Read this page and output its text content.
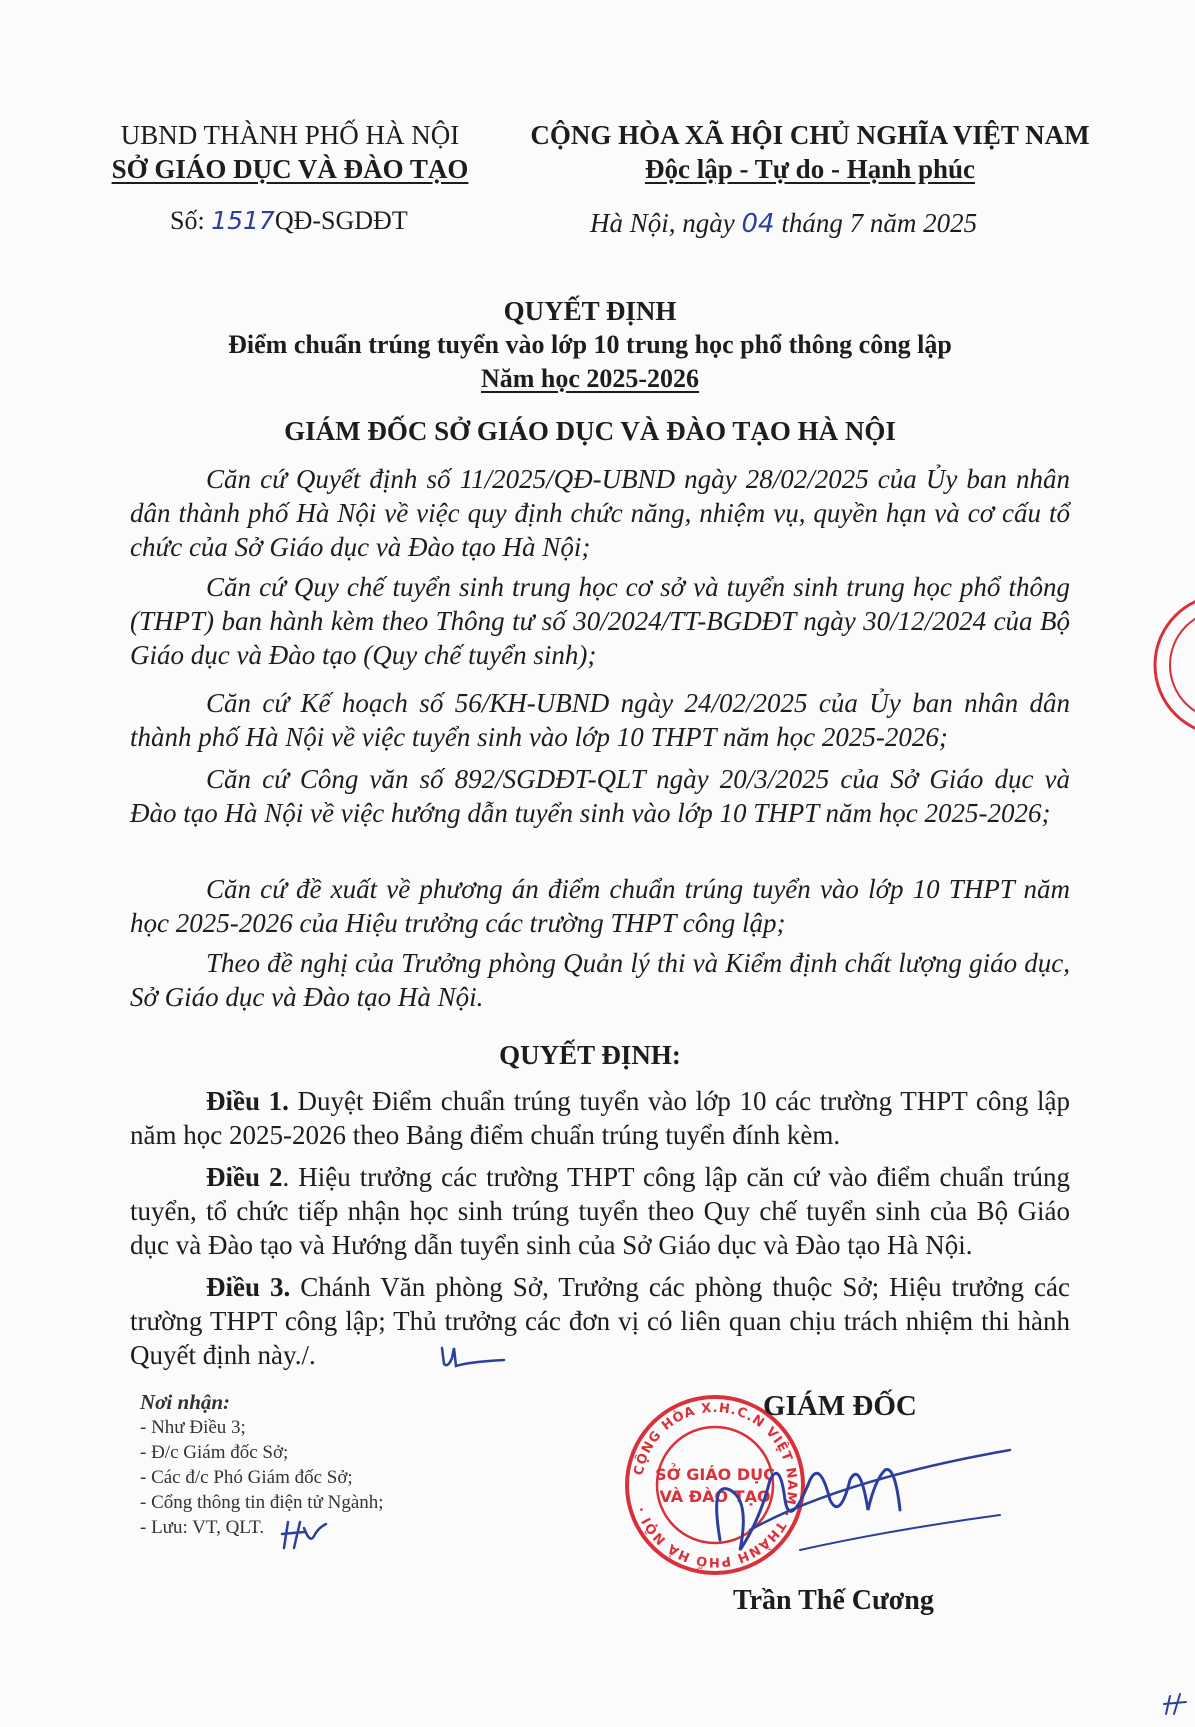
UBND THÀNH PHỐ HÀ NỘI
SỞ GIÁO DỤC VÀ ĐÀO TẠO
CỘNG HÒA XÃ HỘI CHỦ NGHĨA VIỆT NAM
Độc lập - Tự do - Hạnh phúc
Số: 1517QĐ-SGDĐT	Hà Nội, ngày 04 tháng 7 năm 2025
QUYẾT ĐỊNH
Điểm chuẩn trúng tuyển vào lớp 10 trung học phổ thông công lập
Năm học 2025-2026
GIÁM ĐỐC SỞ GIÁO DỤC VÀ ĐÀO TẠO HÀ NỘI
Căn cứ Quyết định số 11/2025/QĐ-UBND ngày 28/02/2025 của Ủy ban nhân dân thành phố Hà Nội về việc quy định chức năng, nhiệm vụ, quyền hạn và cơ cấu tổ chức của Sở Giáo dục và Đào tạo Hà Nội;
Căn cứ Quy chế tuyển sinh trung học cơ sở và tuyển sinh trung học phổ thông (THPT) ban hành kèm theo Thông tư số 30/2024/TT-BGDĐT ngày 30/12/2024 của Bộ Giáo dục và Đào tạo (Quy chế tuyển sinh);
Căn cứ Kế hoạch số 56/KH-UBND ngày 24/02/2025 của Ủy ban nhân dân thành phố Hà Nội về việc tuyển sinh vào lớp 10 THPT năm học 2025-2026;
Căn cứ Công văn số 892/SGDĐT-QLT ngày 20/3/2025 của Sở Giáo dục và Đào tạo Hà Nội về việc hướng dẫn tuyển sinh vào lớp 10 THPT năm học 2025-2026;
Căn cứ đề xuất về phương án điểm chuẩn trúng tuyển vào lớp 10 THPT năm học 2025-2026 của Hiệu trưởng các trường THPT công lập;
Theo đề nghị của Trưởng phòng Quản lý thi và Kiểm định chất lượng giáo dục, Sở Giáo dục và Đào tạo Hà Nội.
QUYẾT ĐỊNH:
Điều 1. Duyệt Điểm chuẩn trúng tuyển vào lớp 10 các trường THPT công lập năm học 2025-2026 theo Bảng điểm chuẩn trúng tuyển đính kèm.
Điều 2. Hiệu trưởng các trường THPT công lập căn cứ vào điểm chuẩn trúng tuyển, tổ chức tiếp nhận học sinh trúng tuyển theo Quy chế tuyển sinh của Bộ Giáo dục và Đào tạo và Hướng dẫn tuyển sinh của Sở Giáo dục và Đào tạo Hà Nội.
Điều 3. Chánh Văn phòng Sở, Trưởng các phòng thuộc Sở; Hiệu trưởng các trường THPT công lập; Thủ trưởng các đơn vị có liên quan chịu trách nhiệm thi hành Quyết định này./.
Nơi nhận:
- Như Điều 3;
- Đ/c Giám đốc Sở;
- Các đ/c Phó Giám đốc Sở;
- Cổng thông tin điện tử Ngành;
- Lưu: VT, QLT.
CỘNG HÒA X.H.C.N VIỆT NAM · THÀNH PHỐ HÀ NỘI ·
SỞ GIÁO DỤC
VÀ ĐÀO TẠO
GIÁM ĐỐC
Trần Thế Cương
